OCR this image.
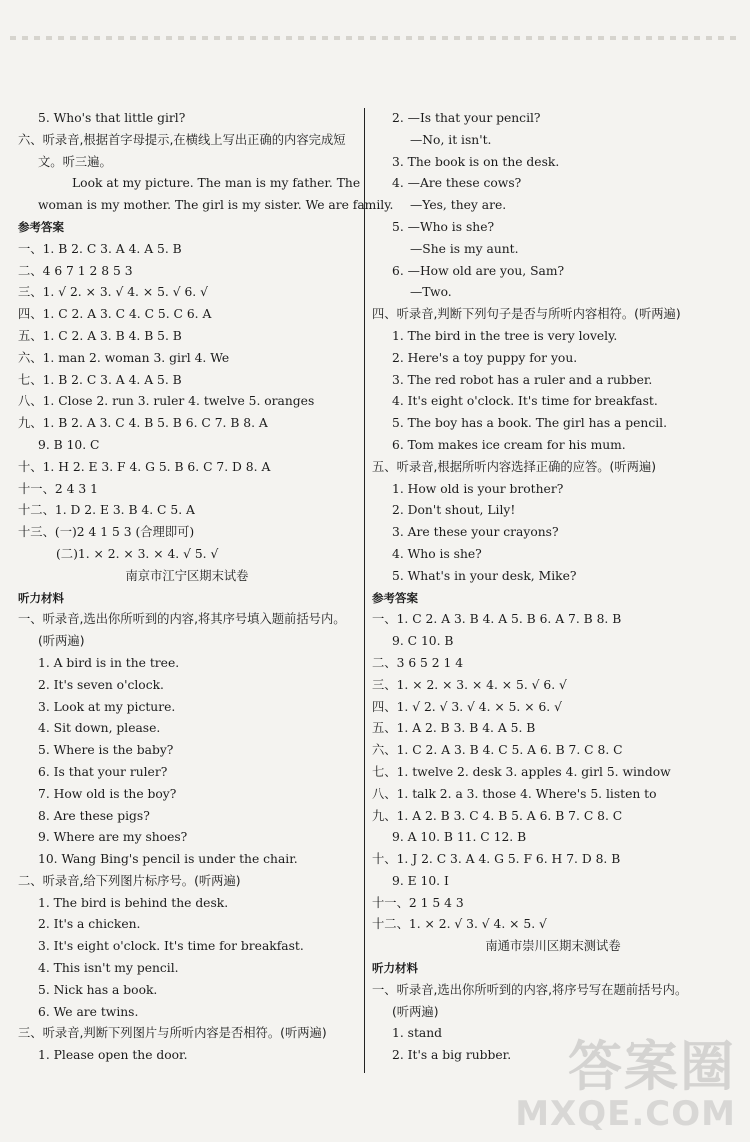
5. Who's that little girl?
六、听录音,根据首字母提示,在横线上写出正确的内容完成短
文。听三遍。
Look at my picture. The man is my father. The
woman is my mother. The girl is my sister. We are family.
参考答案
一、1. B 2. C 3. A 4. A 5. B
二、4 6 7 1 2 8 5 3
三、1. √ 2. × 3. √ 4. × 5. √ 6. √
四、1. C 2. A 3. C 4. C 5. C 6. A
五、1. C 2. A 3. B 4. B 5. B
六、1. man 2. woman 3. girl 4. We
七、1. B 2. C 3. A 4. A 5. B
八、1. Close 2. run 3. ruler 4. twelve 5. oranges
九、1. B 2. A 3. C 4. B 5. B 6. C 7. B 8. A
9. B 10. C
十、1. H 2. E 3. F 4. G 5. B 6. C 7. D 8. A
十一、2 4 3 1
十二、1. D 2. E 3. B 4. C 5. A
十三、(一)2 4 1 5 3 (合理即可)
(二)1. × 2. × 3. × 4. √ 5. √
南京市江宁区期末试卷
听力材料
一、听录音,选出你所听到的内容,将其序号填入题前括号内。
(听两遍)
1. A bird is in the tree.
2. It's seven o'clock.
3. Look at my picture.
4. Sit down, please.
5. Where is the baby?
6. Is that your ruler?
7. How old is the boy?
8. Are these pigs?
9. Where are my shoes?
10. Wang Bing's pencil is under the chair.
二、听录音,给下列图片标序号。(听两遍)
1. The bird is behind the desk.
2. It's a chicken.
3. It's eight o'clock. It's time for breakfast.
4. This isn't my pencil.
5. Nick has a book.
6. We are twins.
三、听录音,判断下列图片与所听内容是否相符。(听两遍)
1. Please open the door.
2. —Is that your pencil?
—No, it isn't.
3. The book is on the desk.
4. —Are these cows?
—Yes, they are.
5. —Who is she?
—She is my aunt.
6. —How old are you, Sam?
—Two.
四、听录音,判断下列句子是否与所听内容相符。(听两遍)
1. The bird in the tree is very lovely.
2. Here's a toy puppy for you.
3. The red robot has a ruler and a rubber.
4. It's eight o'clock. It's time for breakfast.
5. The boy has a book. The girl has a pencil.
6. Tom makes ice cream for his mum.
五、听录音,根据所听内容选择正确的应答。(听两遍)
1. How old is your brother?
2. Don't shout, Lily!
3. Are these your crayons?
4. Who is she?
5. What's in your desk, Mike?
参考答案
一、1. C 2. A 3. B 4. A 5. B 6. A 7. B 8. B
9. C 10. B
二、3 6 5 2 1 4
三、1. × 2. × 3. × 4. × 5. √ 6. √
四、1. √ 2. √ 3. √ 4. × 5. × 6. √
五、1. A 2. B 3. B 4. A 5. B
六、1. C 2. A 3. B 4. C 5. A 6. B 7. C 8. C
七、1. twelve 2. desk 3. apples 4. girl 5. window
八、1. talk 2. a 3. those 4. Where's 5. listen to
九、1. A 2. B 3. C 4. B 5. A 6. B 7. C 8. C
9. A 10. B 11. C 12. B
十、1. J 2. C 3. A 4. G 5. F 6. H 7. D 8. B
9. E 10. I
十一、2 1 5 4 3
十二、1. × 2. √ 3. √ 4. × 5. √
南通市崇川区期末测试卷
听力材料
一、听录音,选出你所听到的内容,将序号写在题前括号内。
(听两遍)
1. stand
2. It's a big rubber.	答案圈
MXQE.COM
